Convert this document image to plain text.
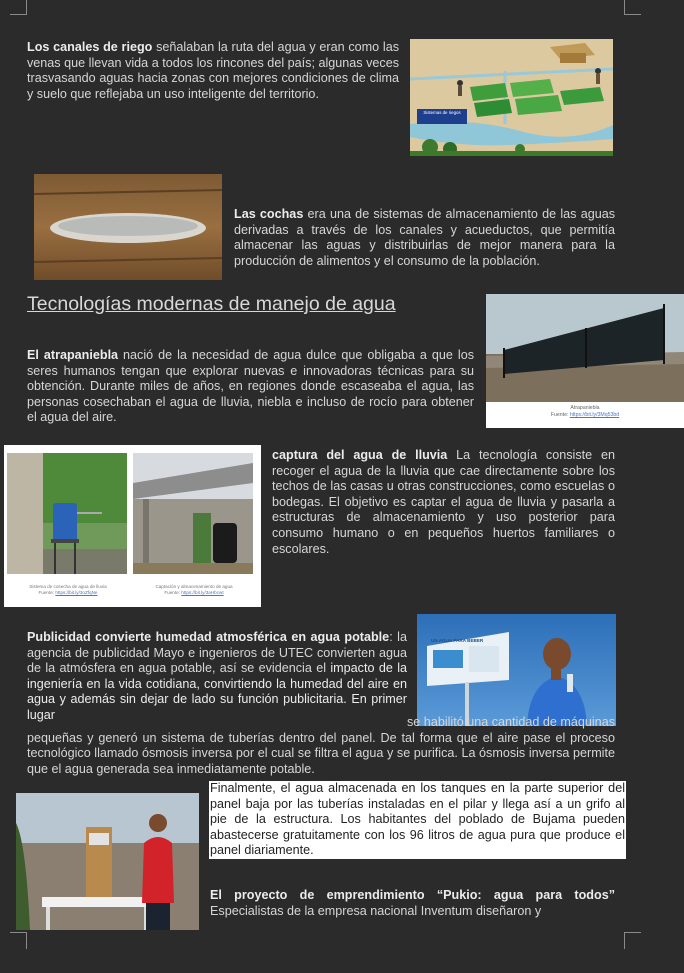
Los canales de riego señalaban la ruta del agua y eran como las venas que llevan vida a todos los rincones del país; algunas veces trasvasando aguas hacia zonas con mejores condiciones de clima y suelo que reflejaba un uso inteligente del territorio.
Sistemas de riegos
Las cochas era una de sistemas de almacenamiento de las aguas derivadas a través de los canales y acueductos, que permitía almacenar las aguas y distribuirlas de mejor manera para la producción de alimentos y el consumo de la población.
Tecnologías modernas de manejo de agua
El atrapaniebla nació de la necesidad de agua dulce que obligaba a que los seres humanos tengan que explorar nuevas e innovadoras técnicas para su obtención. Durante miles de años, en regiones donde escaseaba el agua, las personas cosechaban el agua de lluvia, niebla e incluso de rocío para obtener el agua del aire.
Atrapaniebla
Fuente: https://bit.ly/3Mq53bd
Sistema de cosecha de agua de lluvia
Fuente: https://bit.ly/3oZfqNe
Captación y almacenamiento de agua
Fuente: https://bit.ly/3aHbcwt
captura del agua de lluvia La tecnología consiste en recoger el agua de la lluvia que cae directamente sobre los techos de las casas u otras construcciones, como escuelas o bodegas. El objetivo es captar el agua de lluvia y pasarla a estructuras de almacenamiento y uso posterior para consumo humano o en pequeños huertos familiares o escolares.
Publicidad convierte humedad atmosférica en agua potable: la agencia de publicidad Mayo e ingenieros de UTEC convierten agua de la atmósfera en agua potable, así se evidencia el impacto de la ingeniería en la vida cotidiana, convirtiendo la humedad del aire en agua y además sin dejar de lado su función publicitaria. En primer lugar
UN AGUA PARA BEBER
se habilitó una cantidad de máquinas pequeñas y generó un sistema de tuberías dentro del panel. De tal forma que el aire pase el proceso tecnológico llamado ósmosis inversa por el cual se filtra el agua y se purifica. La ósmosis inversa permite que el agua generada sea inmediatamente potable.
Finalmente, el agua almacenada en los tanques en la parte superior del panel baja por las tuberías instaladas en el pilar y llega así a un grifo al pie de la estructura. Los habitantes del poblado de Bujama pueden abastecerse gratuitamente con los 96 litros de agua pura que produce el panel diariamente.
El proyecto de emprendimiento “Pukio: agua para todos” Especialistas de la empresa nacional Inventum diseñaron y
